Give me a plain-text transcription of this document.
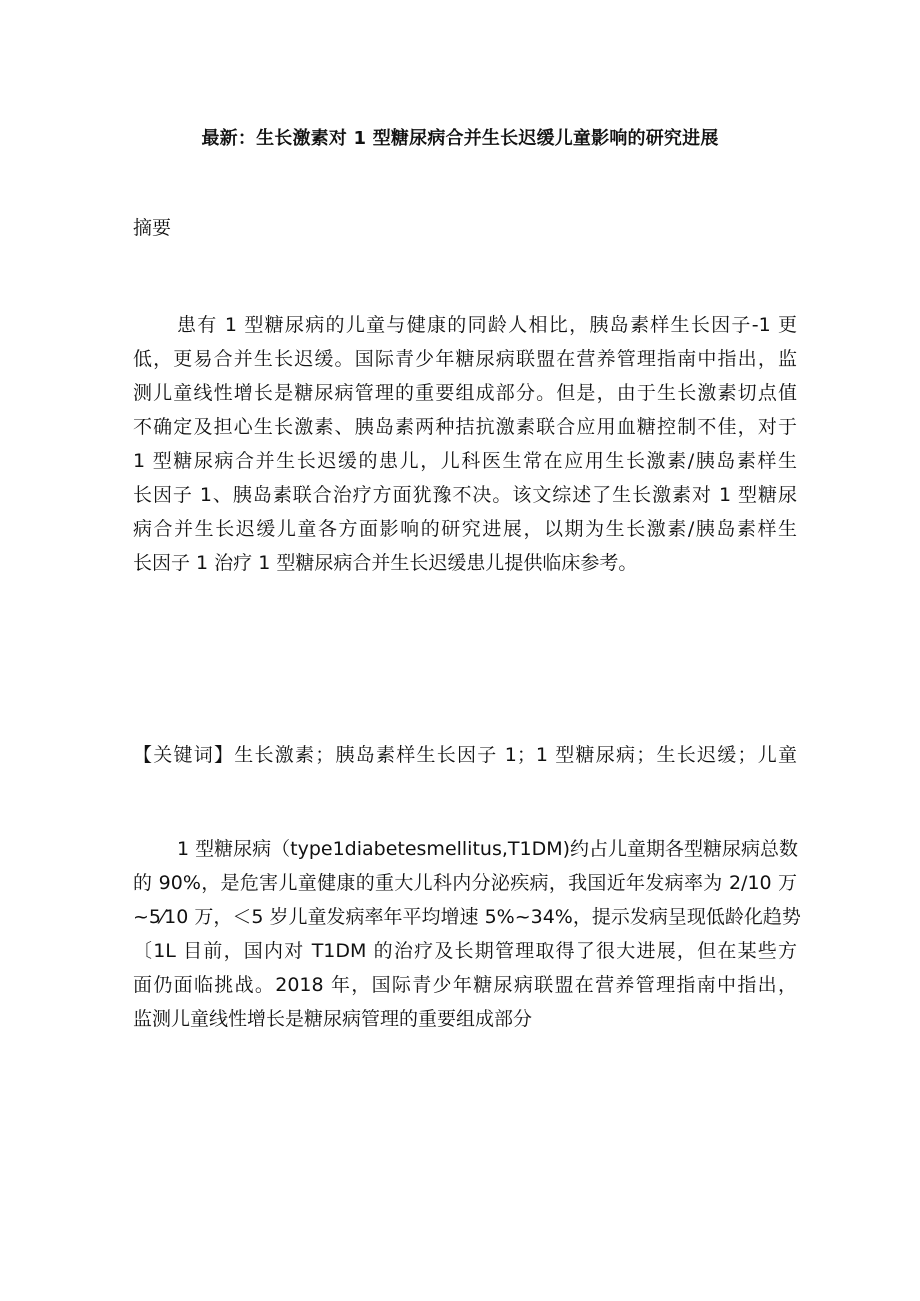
最新：生长激素对 1 型糖尿病合并生长迟缓儿童影响的研究进展
摘要
患有 1 型糖尿病的儿童与健康的同龄人相比，胰岛素样生长因子-1 更
低，更易合并生长迟缓。国际青少年糖尿病联盟在营养管理指南中指出，监
测儿童线性增长是糖尿病管理的重要组成部分。但是，由于生长激素切点值
不确定及担心生长激素、胰岛素两种拮抗激素联合应用血糖控制不佳，对于
1 型糖尿病合并生长迟缓的患儿，儿科医生常在应用生长激素/胰岛素样生
长因子 1、胰岛素联合治疗方面犹豫不决。该文综述了生长激素对 1 型糖尿
病合并生长迟缓儿童各方面影响的研究进展，以期为生长激素/胰岛素样生
长因子 1 治疗 1 型糖尿病合并生长迟缓患儿提供临床参考。
【关键词】生长激素；胰岛素样生长因子 1；1 型糖尿病；生长迟缓；儿童
1 型糖尿病（type1diabetesmellitus,T1DM)约占儿童期各型糖尿病总数
的 90%，是危害儿童健康的重大儿科内分泌疾病，我国近年发病率为 2/10 万
~5⁄10 万，＜5 岁儿童发病率年平均增速 5%~34%，提示发病呈现低龄化趋势
〔1L 目前，国内对 T1DM 的治疗及长期管理取得了很大进展，但在某些方
面仍面临挑战。2018 年，国际青少年糖尿病联盟在营养管理指南中指出，
监测儿童线性增长是糖尿病管理的重要组成部分
